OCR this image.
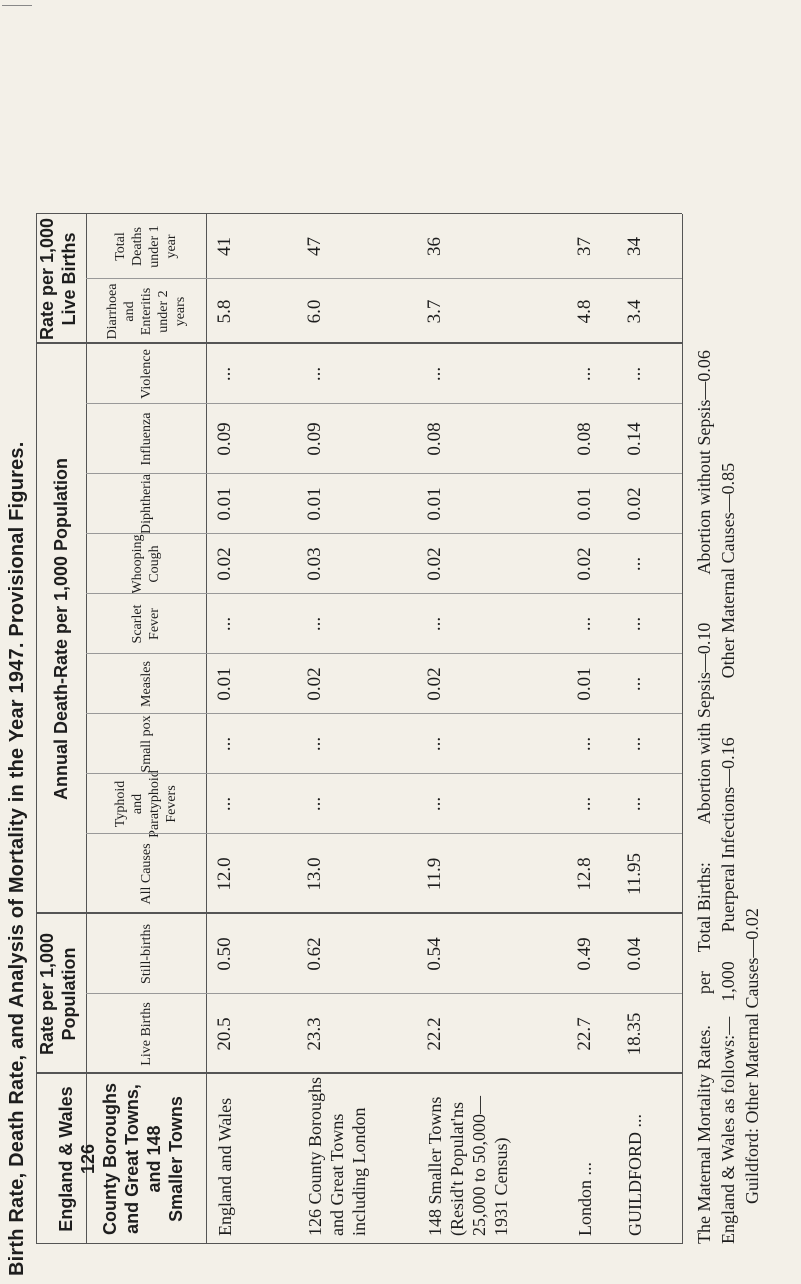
Birth Rate, Death Rate, and Analysis of Mortality in the Year 1947. Provisional Figures. England & Wales 126 County Boroughs and Great Towns, and 148 Smaller Towns
Rate per 1,000 Population
Annual Death-Rate per 1,000 Population
Rate per 1,000 Live Births
Live Births
Still-births
All Causes
Typhoid and Paratyphoid Fevers
Small pox
Measles
Scarlet Fever
Whooping Cough
Diphtheria
Influenza
Violence
Diarrhoea and Enteritis under 2 years
Total Deaths under 1 year
England and Wales
20.5
0.50
12.0
...
...
0.01
...
0.02
0.01
0.09
...
5.8
41
126 County Boroughs and Great Towns including London
23.3
0.62
13.0
...
...
0.02
...
0.03
0.01
0.09
...
6.0
47
148 Smaller Towns (Resid't Populat'ns 25,000 to 50,000— 1931 Census)
22.2
0.54
11.9
...
...
0.02
...
0.02
0.01
0.08
...
3.7
36
London ...
22.7
0.49
12.8
...
...
0.01
...
0.02
0.01
0.08
...
4.8
37
GUILDFORD ...
18.35
0.04
11.95
...
...
...
...
...
0.02
0.14
...
3.4
34
The Maternal Mortality Rates.  per  Total Births:  Abortion with Sepsis—0.10  Abortion without Sepsis—0.06
England & Wales as follows:—  1,000  Puerperal Infections—0.16  Other Maternal Causes—0.85
Guildford: Other Maternal Causes—0.02
